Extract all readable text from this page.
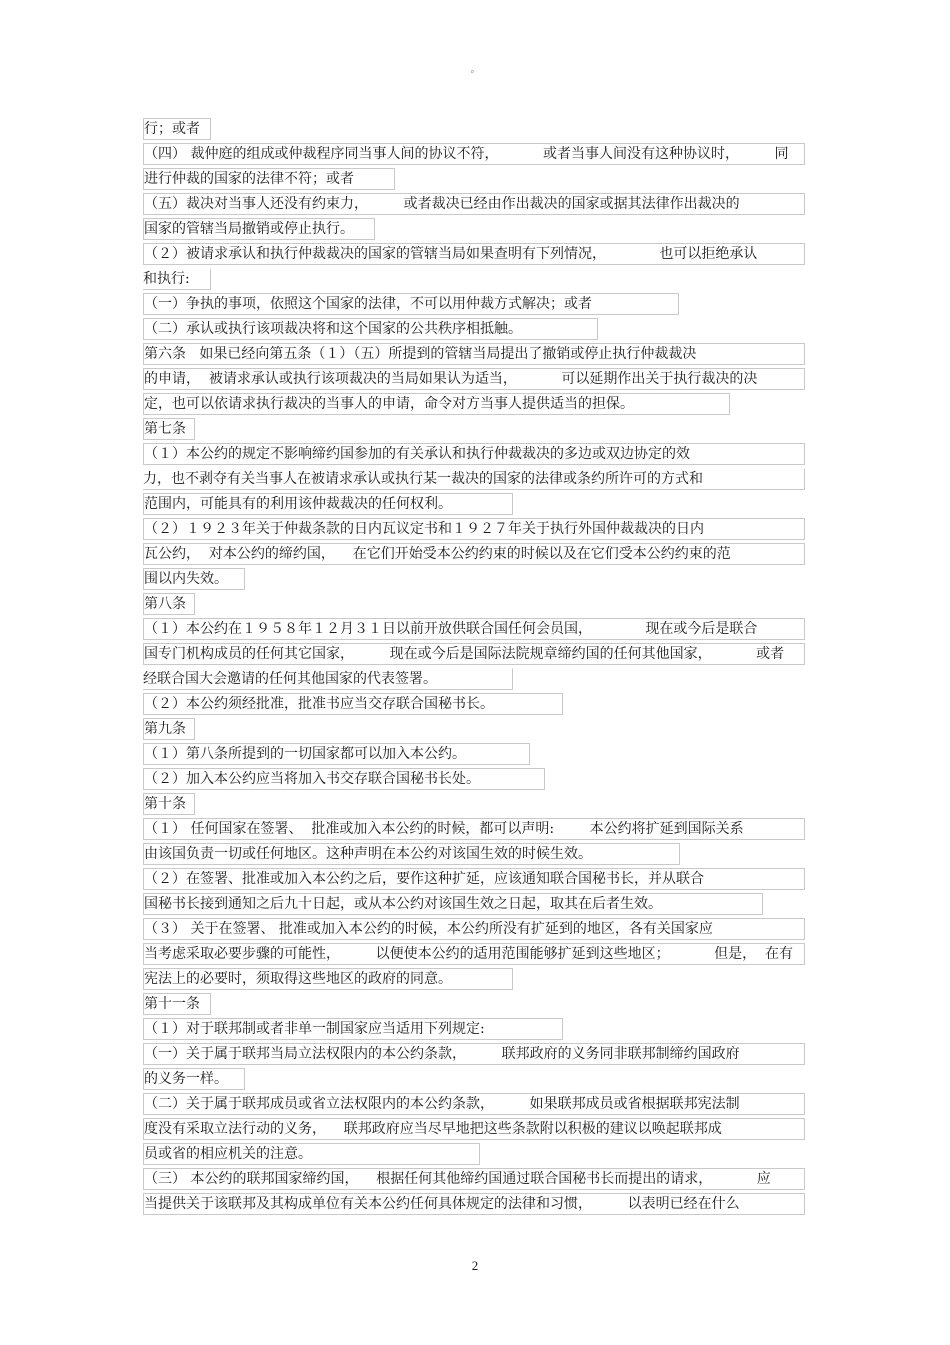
°
行；或者
（四） 裁仲庭的组成或仲裁程序同当事人间的协议不符，          或者当事人间没有这种协议时，        同
进行仲裁的国家的法律不符；或者
（五）裁决对当事人还没有约束力，        或者裁决已经由作出裁决的国家或据其法律作出裁决的
国家的管辖当局撤销或停止执行。
（２）被请求承认和执行仲裁裁决的国家的管辖当局如果查明有下列情况，            也可以拒绝承认
和执行:
（一）争执的事项，依照这个国家的法律，不可以用仲裁方式解决；或者
（二）承认或执行该项裁决将和这个国家的公共秩序相抵触。
第六条   如果已经向第五条（１）（五）所提到的管辖当局提出了撤销或停止执行仲裁裁决
的申请，  被请求承认或执行该项裁决的当局如果认为适当，          可以延期作出关于执行裁决的决
定，也可以依请求执行裁决的当事人的申请，命令对方当事人提供适当的担保。
第七条
（１）本公约的规定不影响缔约国参加的有关承认和执行仲裁裁决的多边或双边协定的效
力，也不剥夺有关当事人在被请求承认或执行某一裁决的国家的法律或条约所许可的方式和
范围内，可能具有的利用该仲裁裁决的任何权利。
（２）１９２３年关于仲裁条款的日内瓦议定书和１９２７年关于执行外国仲裁裁决的日内
瓦公约，  对本公约的缔约国，    在它们开始受本公约约束的时候以及在它们受本公约约束的范
围以内失效。
第八条
（１）本公约在１９５８年１２月３１日以前开放供联合国任何会员国，            现在或今后是联合
国专门机构成员的任何其它国家，        现在或今后是国际法院规章缔约国的任何其他国家，          或者
经联合国大会邀请的任何其他国家的代表签署。
（２）本公约须经批准，批准书应当交存联合国秘书长。
第九条
（１）第八条所提到的一切国家都可以加入本公约。
（２）加入本公约应当将加入书交存联合国秘书长处。
第十条
（１） 任何国家在签署、  批准或加入本公约的时候，都可以声明:        本公约将扩延到国际关系
由该国负责一切或任何地区。这种声明在本公约对该国生效的时候生效。
（２）在签署、批准或加入本公约之后，要作这种扩延，应该通知联合国秘书长，并从联合
国秘书长接到通知之后九十日起，或从本公约对该国生效之日起，取其在后者生效。
（３） 关于在签署、 批准或加入本公约的时候，本公约所没有扩延到的地区，各有关国家应
当考虑采取必要步骤的可能性，        以便使本公约的适用范围能够扩延到这些地区；          但是，  在有
宪法上的必要时，须取得这些地区的政府的同意。
第十一条
（１）对于联邦制或者非单一制国家应当适用下列规定:
（一）关于属于联邦当局立法权限内的本公约条款，        联邦政府的义务同非联邦制缔约国政府
的义务一样。
（二）关于属于联邦成员或省立法权限内的本公约条款，        如果联邦成员或省根据联邦宪法制
度没有采取立法行动的义务，    联邦政府应当尽早地把这些条款附以积极的建议以唤起联邦成
员或省的相应机关的注意。
（三） 本公约的联邦国家缔约国，    根据任何其他缔约国通过联合国秘书长而提出的请求，          应
当提供关于该联邦及其构成单位有关本公约任何具体规定的法律和习惯，        以表明已经在什么
2
